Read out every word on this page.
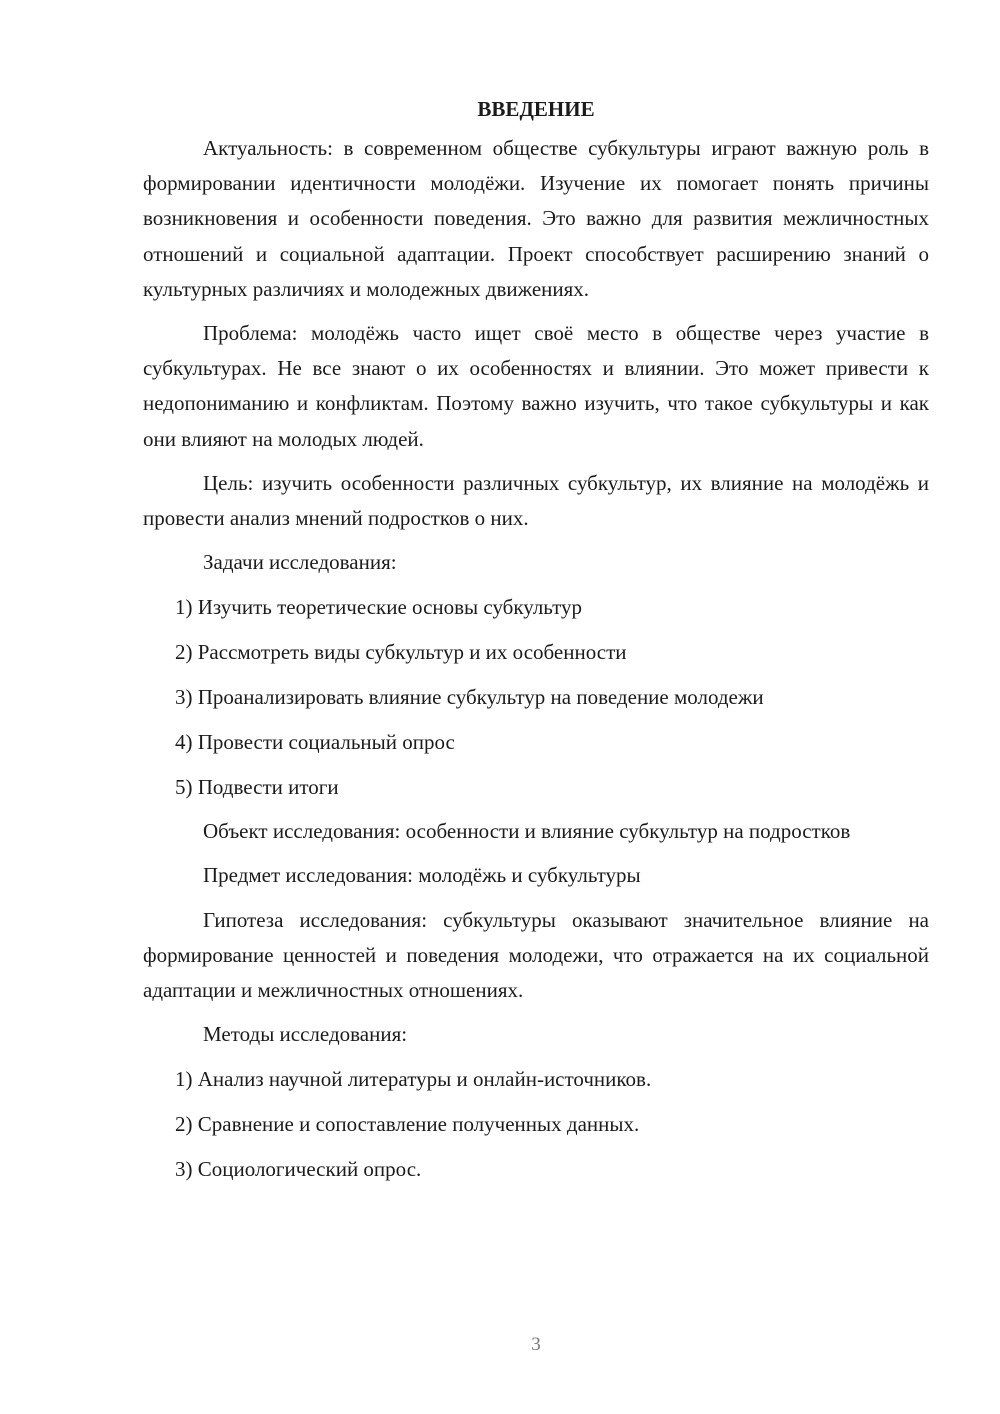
ВВЕДЕНИЕ

Актуальность: в современном обществе субкультуры играют важную роль в формировании идентичности молодёжи. Изучение их помогает понять причины возникновения и особенности поведения. Это важно для развития межличностных отношений и социальной адаптации. Проект способствует расширению знаний о культурных различиях и молодежных движениях.

Проблема: молодёжь часто ищет своё место в обществе через участие в субкультурах. Не все знают о их особенностях и влиянии. Это может привести к недопониманию и конфликтам. Поэтому важно изучить, что такое субкультуры и как они влияют на молодых людей.

Цель: изучить особенности различных субкультур, их влияние на молодёжь и провести анализ мнений подростков о них.

Задачи исследования:

1) Изучить теоретические основы субкультур
2) Рассмотреть виды субкультур и их особенности
3) Проанализировать влияние субкультур на поведение молодежи
4) Провести социальный опрос
5) Подвести итоги

Объект исследования: особенности и влияние субкультур на подростков

Предмет исследования: молодёжь и субкультуры

Гипотеза исследования: субкультуры оказывают значительное влияние на формирование ценностей и поведения молодежи, что отражается на их социальной адаптации и межличностных отношениях.

Методы исследования:

1) Анализ научной литературы и онлайн-источников.
2) Сравнение и сопоставление полученных данных.
3) Социологический опрос.
3
